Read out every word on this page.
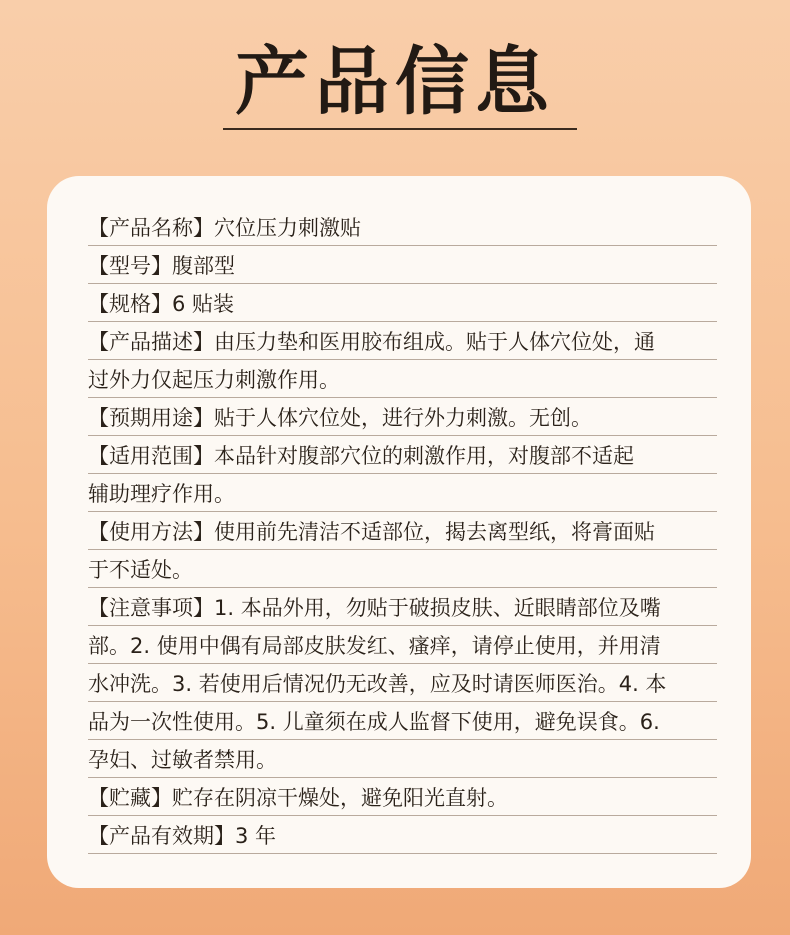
产品信息
【产品名称】穴位压力刺激贴
【型号】腹部型
【规格】6 贴装
【产品描述】由压力垫和医用胶布组成。贴于人体穴位处，通
过外力仅起压力刺激作用。
【预期用途】贴于人体穴位处，进行外力刺激。无创。
【适用范围】本品针对腹部穴位的刺激作用，对腹部不适起
辅助理疗作用。
【使用方法】使用前先清洁不适部位，揭去离型纸，将膏面贴
于不适处。
【注意事项】1. 本品外用，勿贴于破损皮肤、近眼睛部位及嘴
部。2. 使用中偶有局部皮肤发红、瘙痒，请停止使用，并用清
水冲洗。3. 若使用后情况仍无改善，应及时请医师医治。4. 本
品为一次性使用。5. 儿童须在成人监督下使用，避免误食。6.
孕妇、过敏者禁用。
【贮藏】贮存在阴凉干燥处，避免阳光直射。
【产品有效期】3 年
